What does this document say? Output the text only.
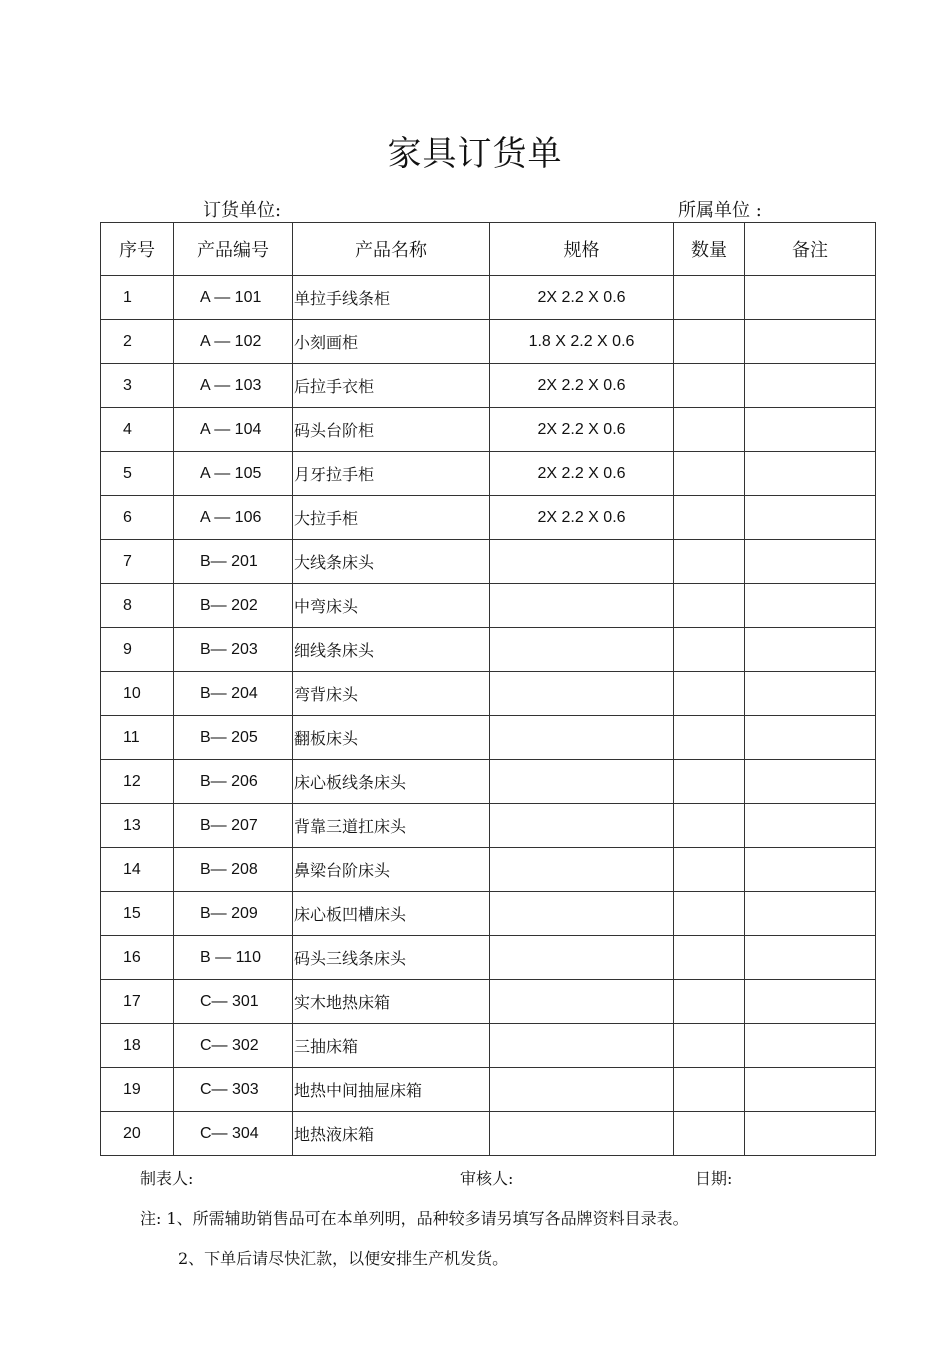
家具订货单
订货单位:	所属单位 :
序号	产品编号	产品名称	规格	数量	备注
1	A — 101	单拉手线条柜	2X 2.2 X 0.6		
2	A — 102	小刻画柜	1.8 X 2.2 X 0.6		
3	A — 103	后拉手衣柜	2X 2.2 X 0.6		
4	A — 104	码头台阶柜	2X 2.2 X 0.6		
5	A — 105	月牙拉手柜	2X 2.2 X 0.6		
6	A — 106	大拉手柜	2X 2.2 X 0.6		
7	B— 201	大线条床头			
8	B— 202	中弯床头			
9	B— 203	细线条床头			
10	B— 204	弯背床头			
11	B— 205	翻板床头			
12	B— 206	床心板线条床头			
13	B— 207	背靠三道扛床头			
14	B— 208	鼻梁台阶床头			
15	B— 209	床心板凹槽床头			
16	B — 110	码头三线条床头			
17	C— 301	实木地热床箱			
18	C— 302	三抽床箱			
19	C— 303	地热中间抽屉床箱			
20	C— 304	地热液床箱			
制表人:	审核人:	日期:
注: 1、所需辅助销售品可在本单列明，品种较多请另填写各品牌资料目录表。
2、下单后请尽快汇款，以便安排生产机发货。
